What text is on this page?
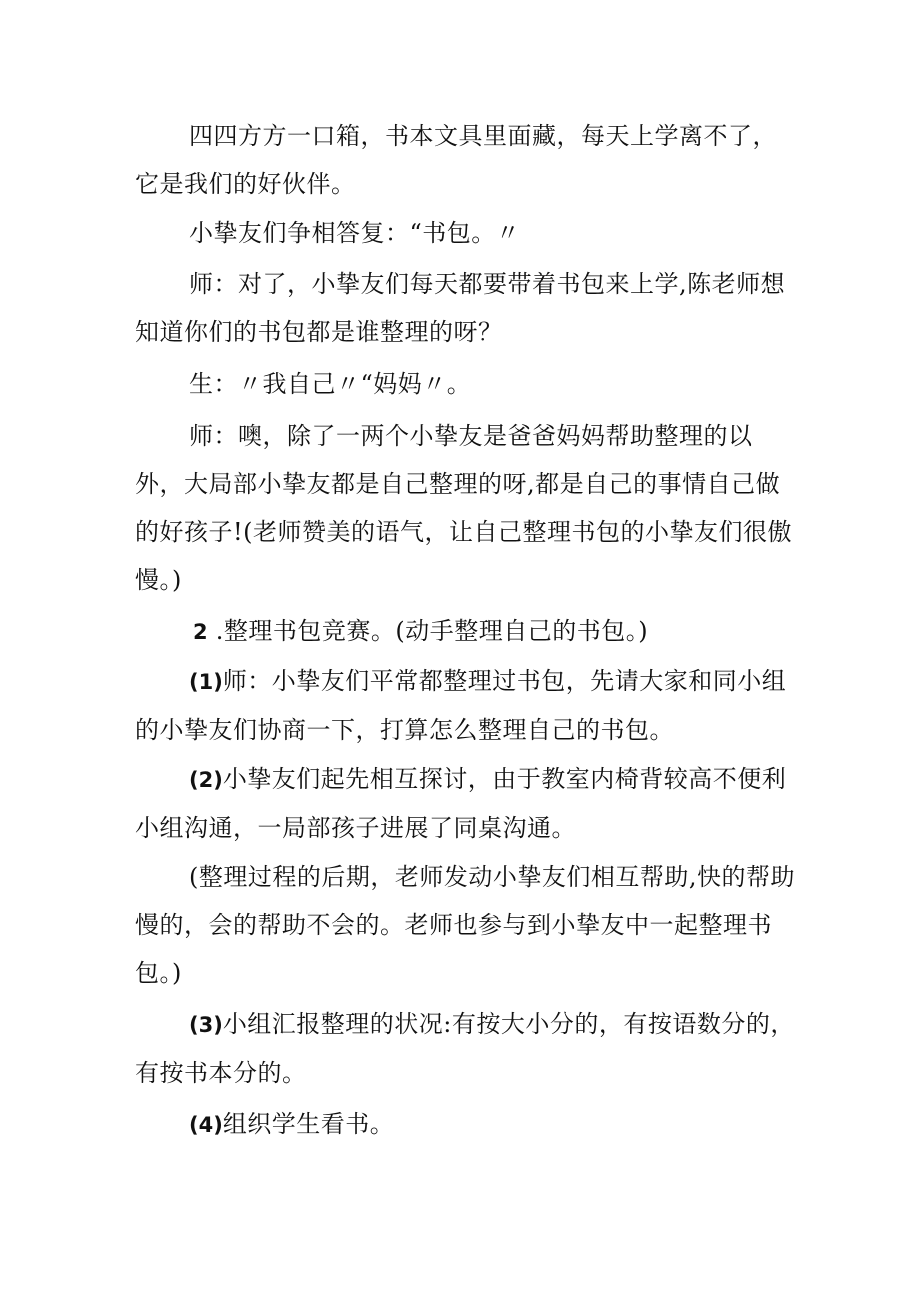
四四方方一口箱，书本文具里面藏，每天上学离不了，它是我们的好伙伴。

小挚友们争相答复：“书包。〃

师：对了，小挚友们每天都要带着书包来上学,陈老师想知道你们的书包都是谁整理的呀？

生：〃我自己〃“妈妈〃。

师：噢，除了一两个小挚友是爸爸妈妈帮助整理的以外，大局部小挚友都是自己整理的呀,都是自己的事情自己做的好孩子!(老师赞美的语气，让自己整理书包的小挚友们很傲慢。)

2 .整理书包竞赛。(动手整理自己的书包。)

(1)师：小挚友们平常都整理过书包，先请大家和同小组的小挚友们协商一下，打算怎么整理自己的书包。

(2)小挚友们起先相互探讨，由于教室内椅背较高不便利小组沟通，一局部孩子进展了同桌沟通。

(整理过程的后期，老师发动小挚友们相互帮助,快的帮助慢的，会的帮助不会的。老师也参与到小挚友中一起整理书包。)

(3)小组汇报整理的状况:有按大小分的，有按语数分的，有按书本分的。

(4)组织学生看书。
